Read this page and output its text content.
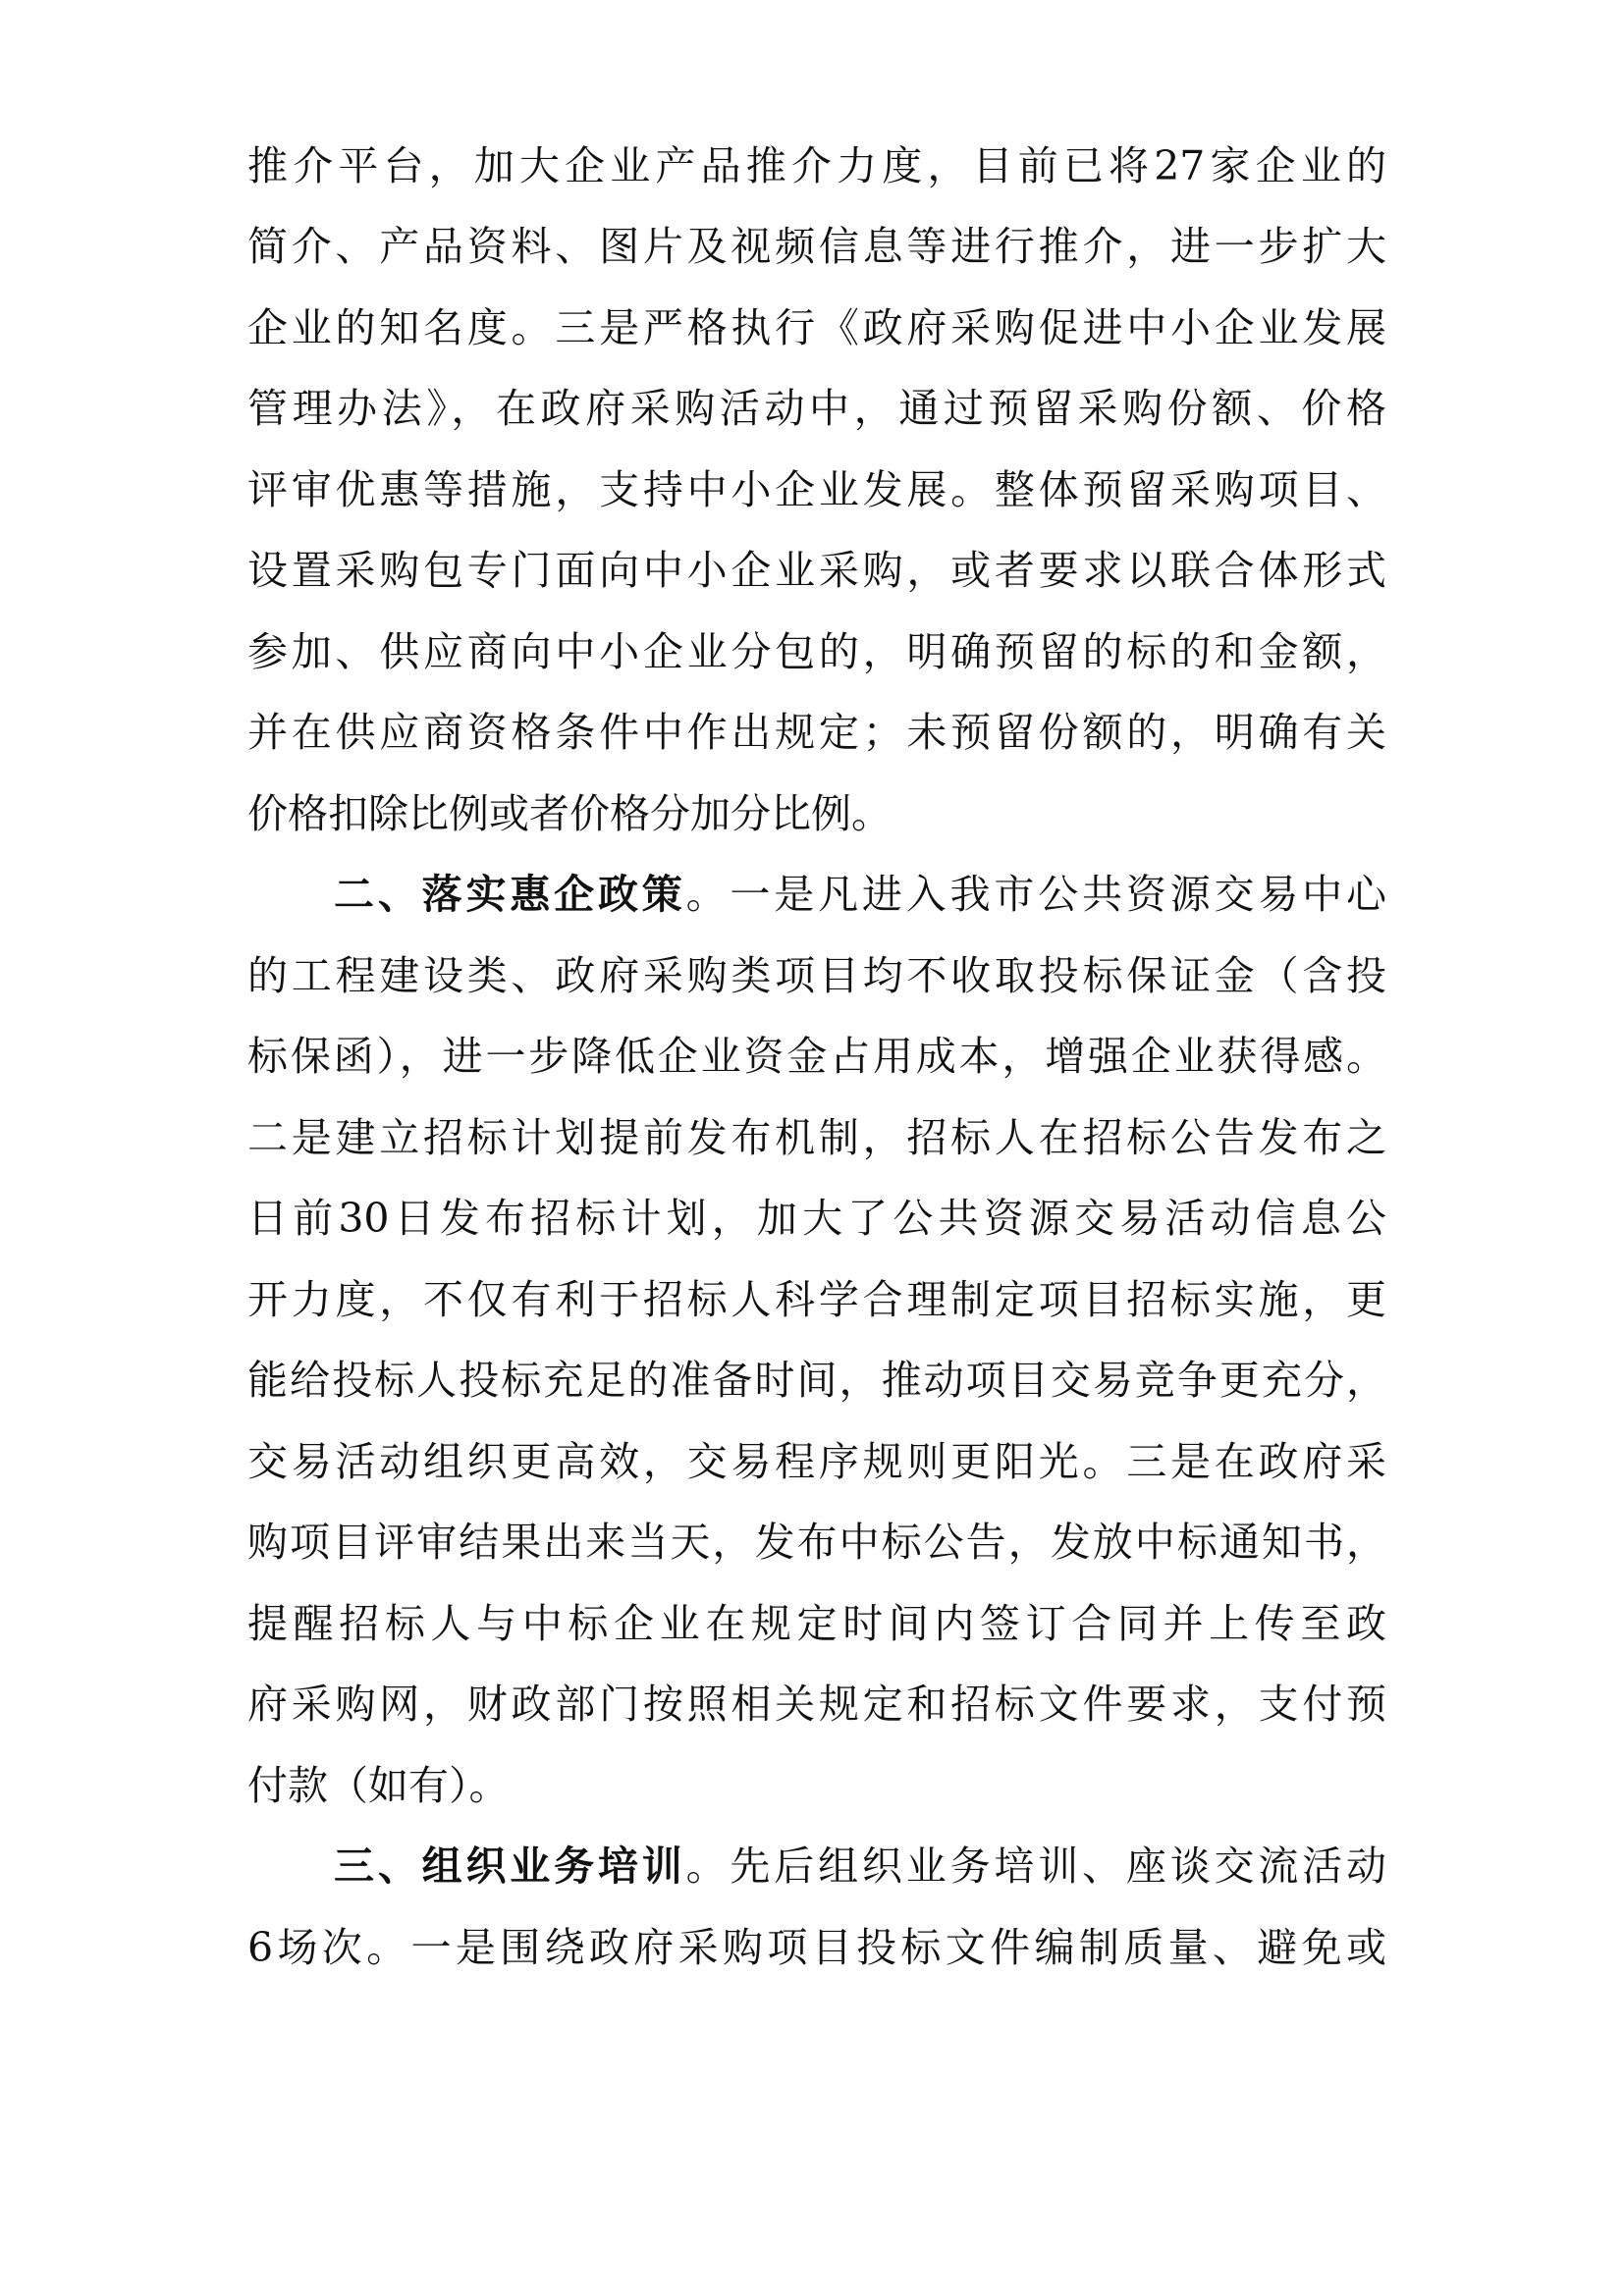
推介平台，加大企业产品推介力度，目前已将27家企业的
简介、产品资料、图片及视频信息等进行推介，进一步扩大
企业的知名度。三是严格执行《政府采购促进中小企业发展
管理办法》，在政府采购活动中，通过预留采购份额、价格
评审优惠等措施，支持中小企业发展。整体预留采购项目、
设置采购包专门面向中小企业采购，或者要求以联合体形式
参加、供应商向中小企业分包的，明确预留的标的和金额，
并在供应商资格条件中作出规定；未预留份额的，明确有关
价格扣除比例或者价格分加分比例。
二、落实惠企政策。一是凡进入我市公共资源交易中心
的工程建设类、政府采购类项目均不收取投标保证金（含投
标保函），进一步降低企业资金占用成本，增强企业获得感。
二是建立招标计划提前发布机制，招标人在招标公告发布之
日前30日发布招标计划，加大了公共资源交易活动信息公
开力度，不仅有利于招标人科学合理制定项目招标实施，更
能给投标人投标充足的准备时间，推动项目交易竞争更充分，
交易活动组织更高效，交易程序规则更阳光。三是在政府采
购项目评审结果出来当天，发布中标公告，发放中标通知书，
提醒招标人与中标企业在规定时间内签订合同并上传至政
府采购网，财政部门按照相关规定和招标文件要求，支付预
付款（如有）。
三、组织业务培训。先后组织业务培训、座谈交流活动
6场次。一是围绕政府采购项目投标文件编制质量、避免或
